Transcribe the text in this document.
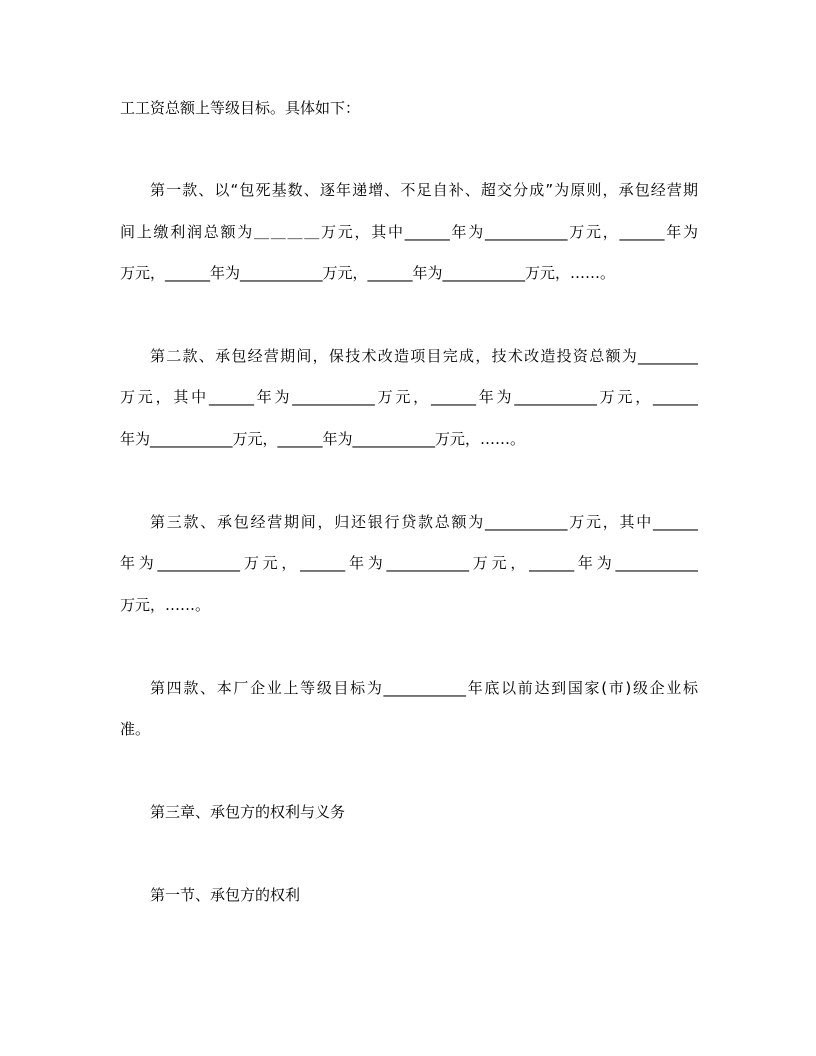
工工资总额上等级目标。具体如下：
第一款、以“包死基数、逐年递增、不足自补、超交分成”为原则，承包经营期
间上缴利润总额为＿＿＿＿万元，其中______年为___________万元，______年为
万元，______年为___________万元，______年为___________万元，……。
第二款、承包经营期间，保技术改造项目完成，技术改造投资总额为________
万元，其中______年为___________万元，______年为___________万元，______
年为___________万元，______年为___________万元，……。
第三款、承包经营期间，归还银行贷款总额为___________万元，其中______
年为___________万元，______年为___________万元，______年为___________
万元，……。
第四款、本厂企业上等级目标为___________年底以前达到国家(市)级企业标
准。
第三章、承包方的权利与义务
第一节、承包方的权利
